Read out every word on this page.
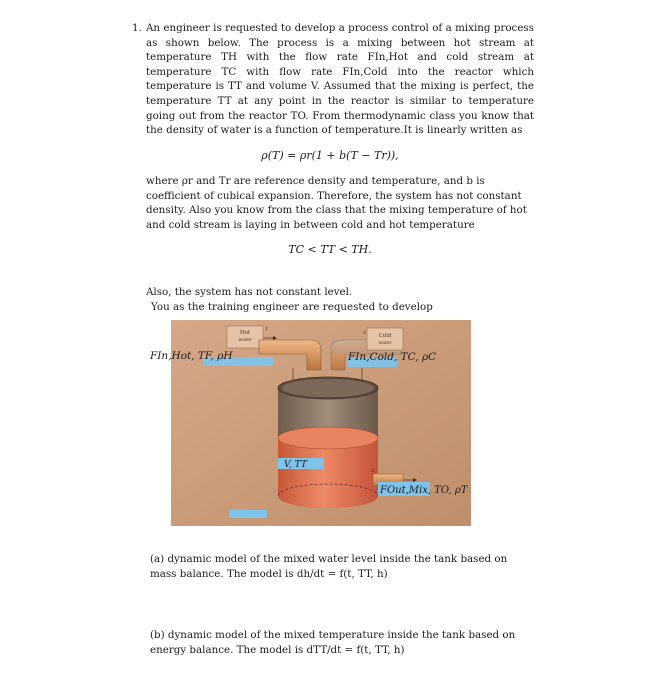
1. An engineer is requested to develop a process control of a mixing process as shown below. The process is a mixing between hot stream at temperature TH with the flow rate FIn,Hot and cold stream at temperature TC with flow rate FIn,Cold into the reactor which temperature is TT and volume V. Assumed that the mixing is perfect, the temperature TT at any point in the reactor is similar to temperature going out from the reactor TO. From thermodynamic class you know that the density of water is a function of temperature.It is linearly written as
ρ(T) = ρr(1 + b(T − Tr)),
where ρr and Tr are reference density and temperature, and b is coefficient of cubical expansion. Therefore, the system has not constant density. Also you know from the class that the mixing temperature of hot and cold stream is laying in between cold and hot temperature
TC < TT < TH.
Also, the system has not constant level.
You as the training engineer are requested to develop
Hot
water
1
Cold
water
2
V, TT
3
FIn,Hot, TF, ρH	FIn,Cold, TC, ρC
FOut,Mix, TO, ρT
(a) dynamic model of the mixed water level inside the tank based on mass balance. The model is dh/dt = f(t, TT, h)
(b) dynamic model of the mixed temperature inside the tank based on energy balance. The model is dTT/dt = f(t, TT, h)
